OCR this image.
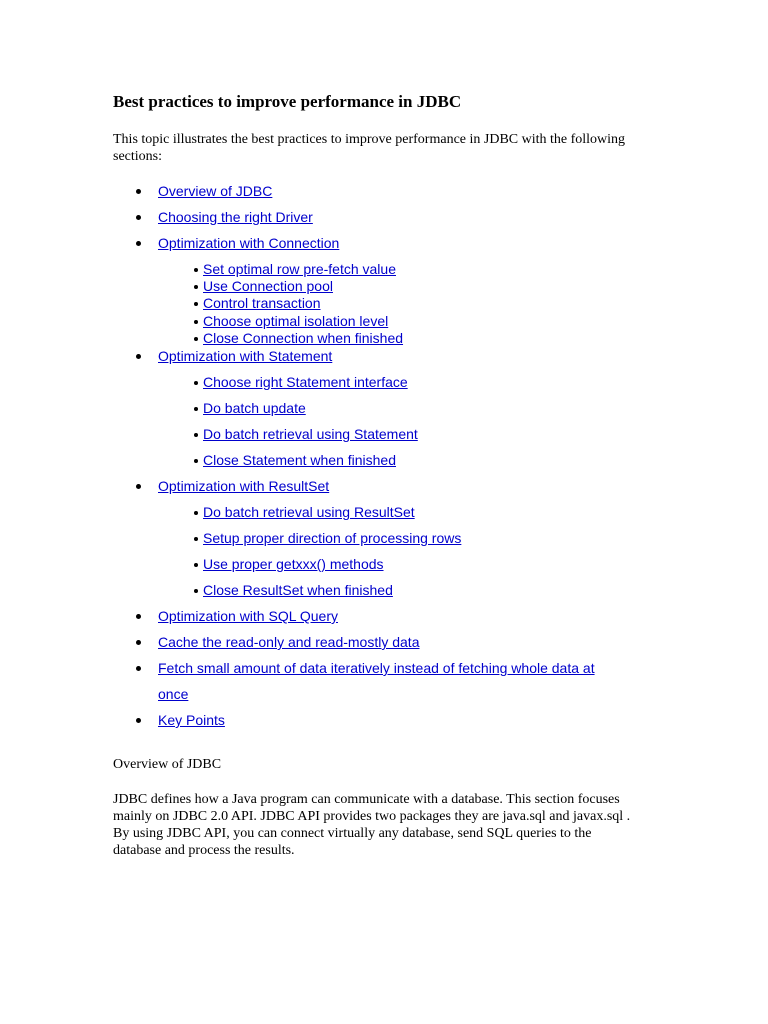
Best practices to improve performance in JDBC

This topic illustrates the best practices to improve performance in JDBC with the following sections:

Overview of JDBC
Choosing the right Driver
Optimization with Connection
Set optimal row pre-fetch value
Use Connection pool
Control transaction
Choose optimal isolation level
Close Connection when finished
Optimization with Statement
Choose right Statement interface
Do batch update
Do batch retrieval using Statement
Close Statement when finished
Optimization with ResultSet
Do batch retrieval using ResultSet
Setup proper direction of processing rows
Use proper getxxx() methods
Close ResultSet when finished
Optimization with SQL Query
Cache the read-only and read-mostly data
Fetch small amount of data iteratively instead of fetching whole data at
once
Key Points

Overview of JDBC

JDBC defines how a Java program can communicate with a database. This section focuses mainly on JDBC 2.0 API. JDBC API provides two packages they are java.sql and javax.sql . By using JDBC API, you can connect virtually any database, send SQL queries to the database and process the results.
